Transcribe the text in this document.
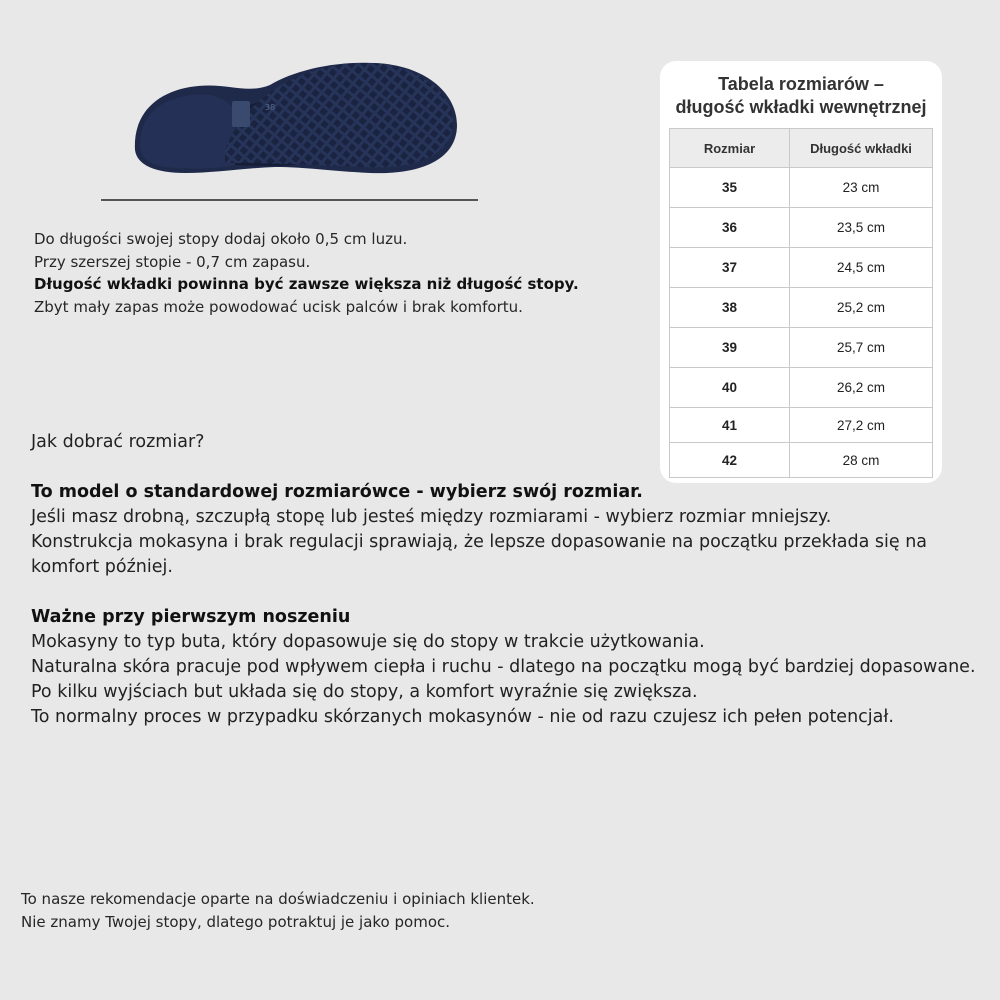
38

Do długości swojej stopy dodaj około 0,5 cm luzu.

Przy szerszej stopie - 0,7 cm zapasu.

Długość wkładki powinna być zawsze większa niż długość stopy.

Zbyt mały zapas może powodować ucisk palców i brak komfortu.

Tabela rozmiarów –
długość wkładki wewnętrznej
Rozmiar	Długość wkładki
35	23 cm
36	23,5 cm
37	24,5 cm
38	25,2 cm
39	25,7 cm
40	26,2 cm
41	27,2 cm
42	28 cm

Jak dobrać rozmiar?

To model o standardowej rozmiarówce - wybierz swój rozmiar.

Jeśli masz drobną, szczupłą stopę lub jesteś między rozmiarami - wybierz rozmiar mniejszy.

Konstrukcja mokasyna i brak regulacji sprawiają, że lepsze dopasowanie na początku przekłada się na komfort później.

Ważne przy pierwszym noszeniu

Mokasyny to typ buta, który dopasowuje się do stopy w trakcie użytkowania.

Naturalna skóra pracuje pod wpływem ciepła i ruchu - dlatego na początku mogą być bardziej dopasowane.

Po kilku wyjściach but układa się do stopy, a komfort wyraźnie się zwiększa.

To normalny proces w przypadku skórzanych mokasynów - nie od razu czujesz ich pełen potencjał.

To nasze rekomendacje oparte na doświadczeniu i opiniach klientek.

Nie znamy Twojej stopy, dlatego potraktuj je jako pomoc.
